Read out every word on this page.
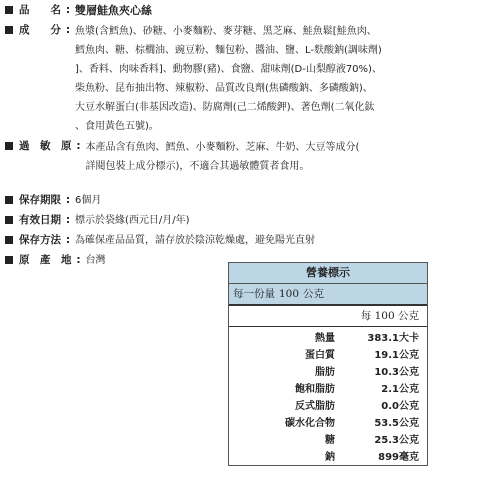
品　　名 : 雙層鮭魚夾心絲
成　　分 : 魚漿(含鱈魚)、砂糖、小麥麵粉、麥芽糖、黑芝麻、鮭魚鬆[鮭魚肉、
鱈魚肉、糖、棕櫚油、豌豆粉、麵包粉、醬油、鹽、L-麩酸鈉(調味劑)
]、香料、肉味香料]、動物膠(豬)、食鹽、甜味劑(D-山梨醇液70%)、
柴魚粉、昆布抽出物、辣椒粉、品質改良劑(焦磷酸鈉、多磷酸鈉)、
大豆水解蛋白(非基因改造)、防腐劑(己二烯酸鉀)、著色劑(二氧化鈦
、食用黃色五號)。
過　敏　原 : 本產品含有魚肉、鱈魚、小麥麵粉、芝麻、牛奶、大豆等成分(
詳閱包裝上成分標示)，不適合其過敏體質者食用。
保存期限 : 6個月
有效日期 : 標示於袋緣(西元日/月/年)
保存方法 : 為確保產品品質，請存放於陰涼乾燥處，避免陽光直射
原　產　地 : 台灣
營養標示
每一份量 100 公克
每 100 公克
熱量	383.1大卡
蛋白質	19.1公克
脂肪	10.3公克
飽和脂肪	2.1公克
反式脂肪	0.0公克
碳水化合物	53.5公克
糖	25.3公克
鈉	899毫克
